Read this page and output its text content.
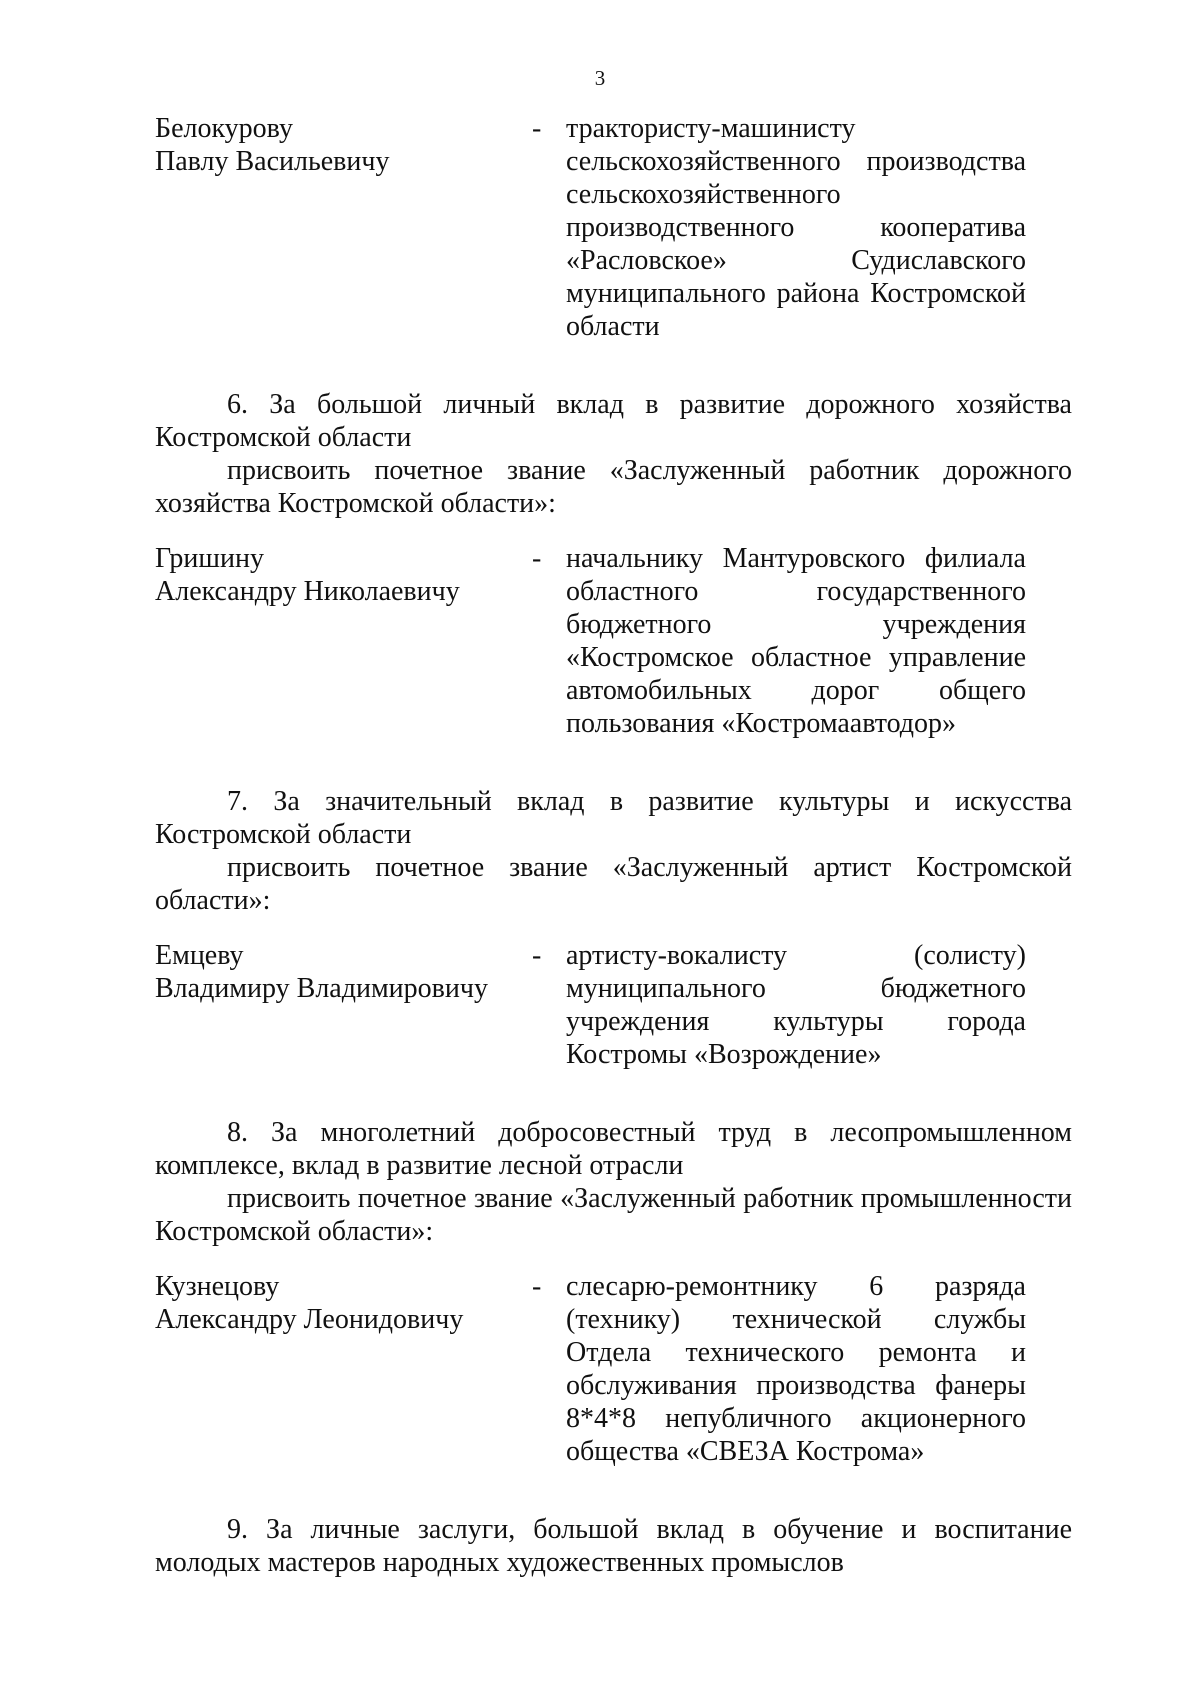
3
Белокурову
Павлу Васильевичу
- трактористу-машинисту сельскохозяйственного производства сельскохозяйственного производственного кооператива «Расловское» Судиславского муниципального района Костромской области

6. За большой личный вклад в развитие дорожного хозяйства Костромской области

присвоить почетное звание «Заслуженный работник дорожного хозяйства Костромской области»:

Гришину
Александру Николаевичу
- начальнику Мантуровского филиала областного государственного бюджетного учреждения «Костромское областное управление автомобильных дорог общего пользования «Костромаавтодор»

7. За значительный вклад в развитие культуры и искусства Костромской области

присвоить почетное звание «Заслуженный артист Костромской области»:

Емцеву
Владимиру Владимировичу
- артисту-вокалисту (солисту) муниципального бюджетного учреждения культуры города Костромы «Возрождение»

8. За многолетний добросовестный труд в лесопромышленном комплексе, вклад в развитие лесной отрасли

присвоить почетное звание «Заслуженный работник промышленности Костромской области»:

Кузнецову
Александру Леонидовичу
- слесарю-ремонтнику 6 разряда (технику) технической службы Отдела технического ремонта и обслуживания производства фанеры 8*4*8 непубличного акционерного общества «СВЕЗА Кострома»

9. За личные заслуги, большой вклад в обучение и воспитание молодых мастеров народных художественных промыслов
